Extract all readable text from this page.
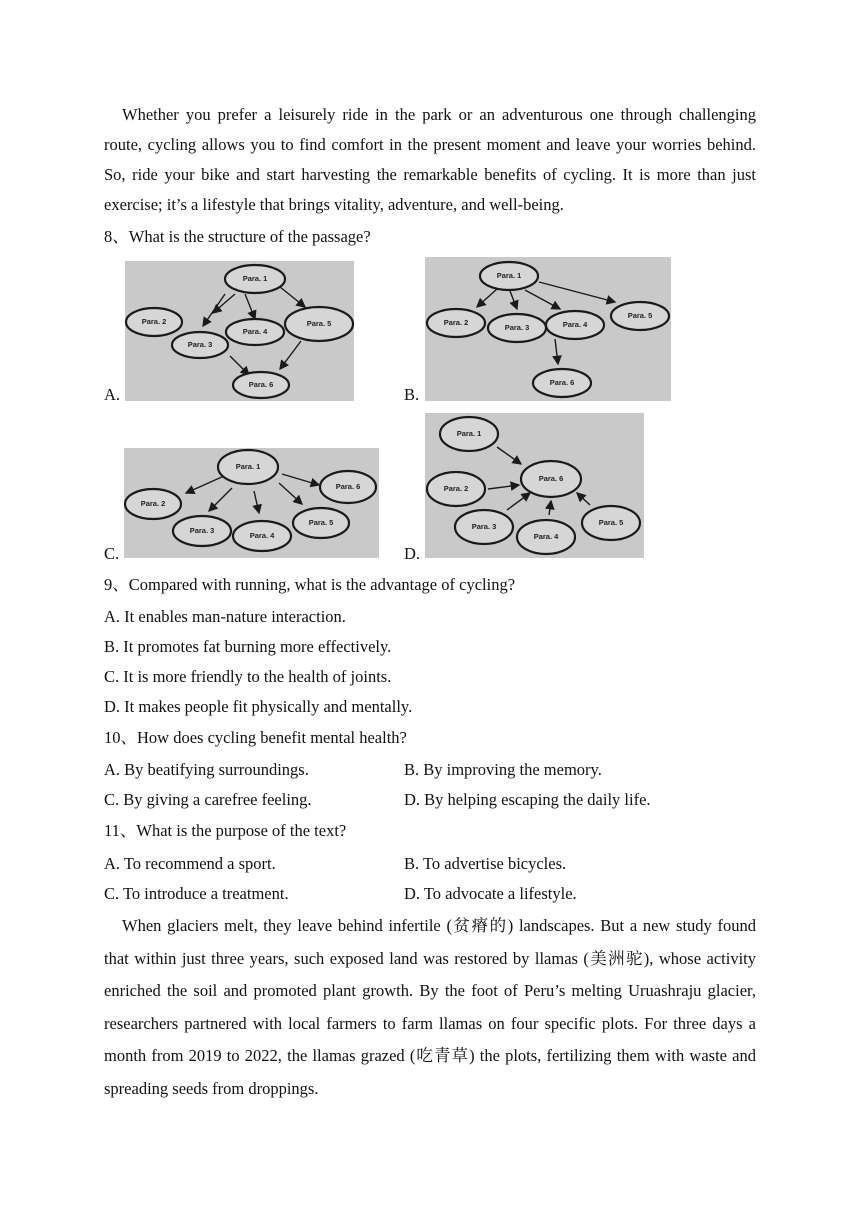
Whether you prefer a leisurely ride in the park or an adventurous one through challenging route, cycling allows you to find comfort in the present moment and leave your worries behind. So, ride your bike and start harvesting the remarkable benefits of cycling. It is more than just exercise; it’s a lifestyle that brings vitality, adventure, and well-being.

8、What is the structure of the passage?
A.
Para. 1
Para. 2
Para. 3
Para. 4
Para. 5
Para. 6
B.
Para. 1
Para. 2
Para. 3	Para. 4
Para. 5
Para. 6
C.
Para. 1
Para. 2
Para. 3
Para. 4
Para. 5
Para. 6
D.
Para. 1
Para. 2
Para. 3
Para. 4
Para. 5
Para. 6
9、Compared with running, what is the advantage of cycling?
A. It enables man-nature interaction.
B. It promotes fat burning more effectively.
C. It is more friendly to the health of joints.
D. It makes people fit physically and mentally.
10、How does cycling benefit mental health?
A. By beatifying surroundings.	B. By improving the memory.
C. By giving a carefree feeling.	D. By helping escaping the daily life.
11、What is the purpose of the text?
A. To recommend a sport.	B. To advertise bicycles.
C. To introduce a treatment.	D. To advocate a lifestyle.

When glaciers melt, they leave behind infertile (贫瘠的) landscapes. But a new study found that within just three years, such exposed land was restored by llamas (美洲驼), whose activity enriched the soil and promoted plant growth. By the foot of Peru’s melting Uruashraju glacier, researchers partnered with local farmers to farm llamas on four specific plots. For three days a month from 2019 to 2022, the llamas grazed (吃青草) the plots, fertilizing them with waste and spreading seeds from droppings.
